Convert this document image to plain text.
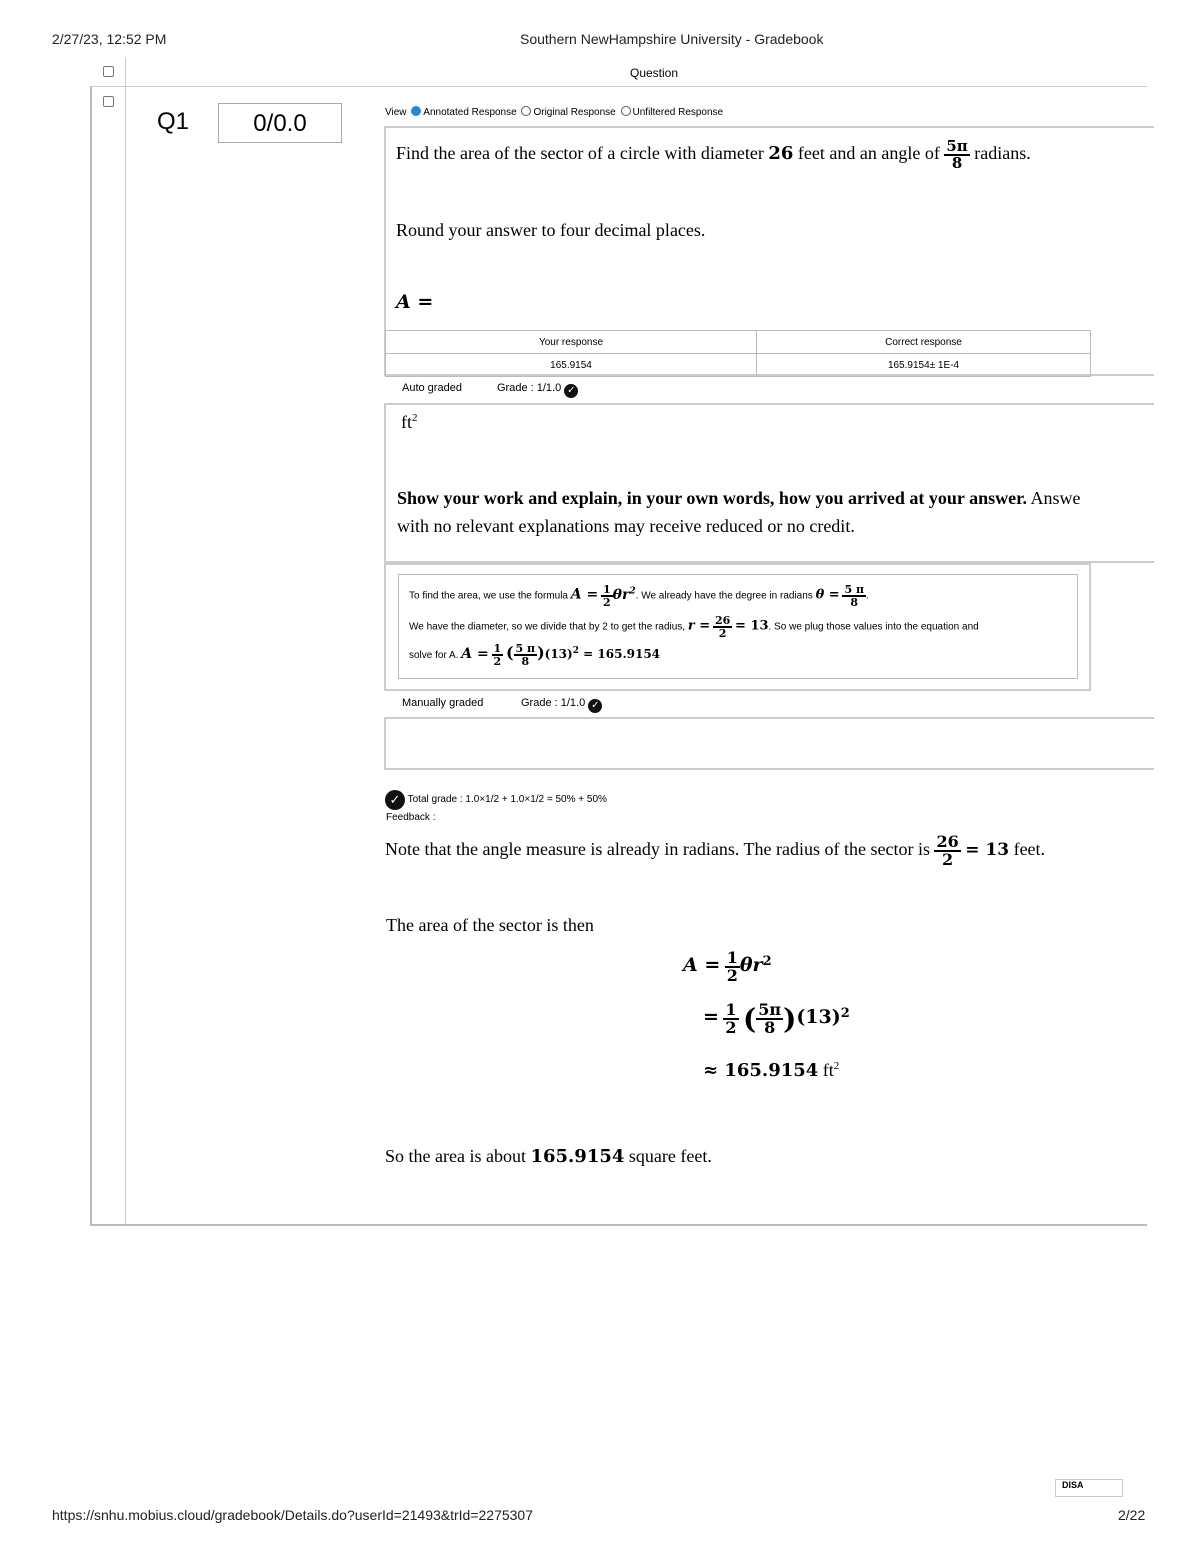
2/27/23, 12:52 PM	Southern NewHampshire University - Gradebook
Question
Q1	0/0.0	View Annotated Response Original Response Unfiltered Response
Find the area of the sector of a circle with diameter 26 feet and an angle of $\frac{5\pi}{8}$ radians.
Round your answer to four decimal places.
A =
Your response	Correct response
165.9154	165.9154± 1E-4
Auto graded	Grade : 1/1.0 ✓
$ft^2$
Show your work and explain, in your own words, how you arrived at your answer. Answe
with no relevant explanations may receive reduced or no credit.
To find the area, we use the formula $A = \frac{1}{2} \theta r^2$. We already have the degree in radians $\theta = \frac{5 \pi}{8}$ .
We have the diameter, so we divide that by 2 to get the radius, $r = \frac{26}{2} = 13$. So we plug those values into the equation and
solve for A. $A = \frac{1}{2}$ ( $\frac{5 \pi}{8} )(13)^2 = 165.9154$
Manually graded	Grade : 1/1.0 ✓
✓ Total grade : 1.0×1/2 + 1.0×1/2 = 50% + 50%
Feedback :
Note that the angle measure is already in radians. The radius of the sector is $\frac{26}{2} = 13$ feet.
The area of the sector is then
$A = \frac{1}{2} \theta r^2$
= $\frac{1}{2}$ ( $\frac{5\pi}{8} )(13)^2$
≈ 165.9154 $ft^2$
So the area is about 165.9154 square feet.
DISA
https://snhu.mobius.cloud/gradebook/Details.do?userId=21493&trId=2275307	2/22
